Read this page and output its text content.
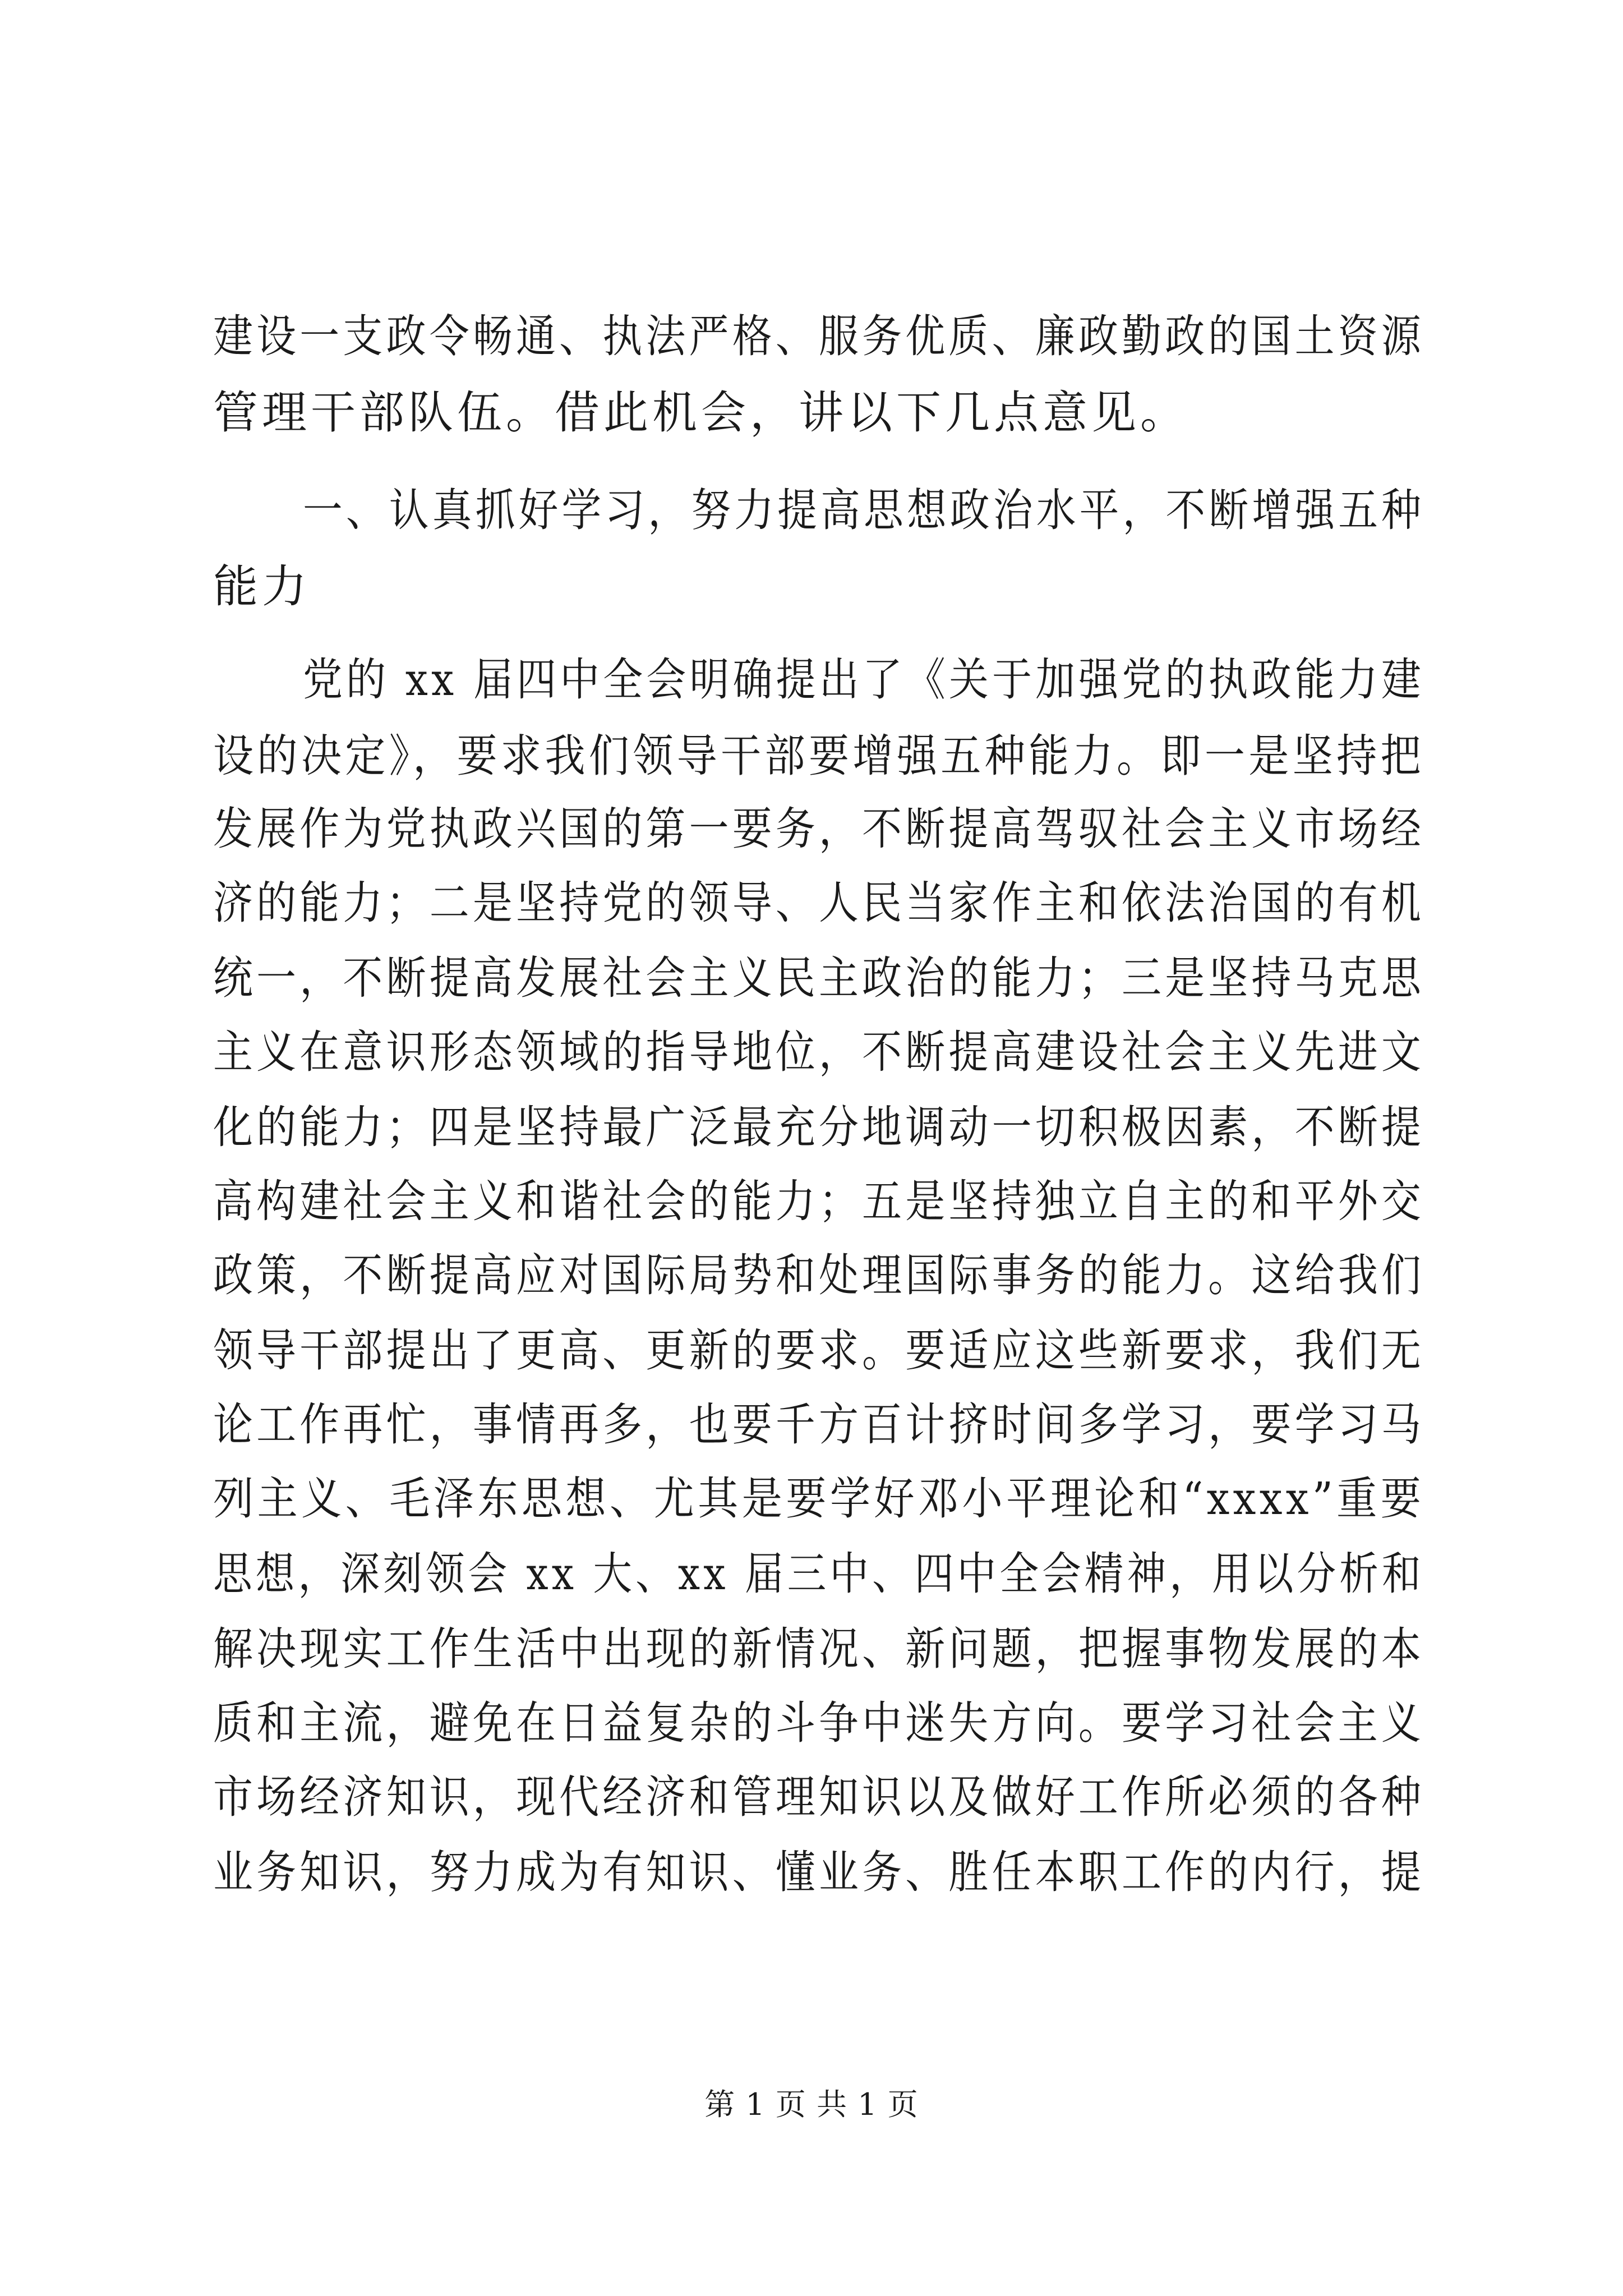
建设一支政令畅通、执法严格、服务优质、廉政勤政的国土资源
管理干部队伍。借此机会，讲以下几点意见。
一、认真抓好学习，努力提高思想政治水平，不断增强五种
能力
党的 xx 届四中全会明确提出了《关于加强党的执政能力建
设的决定》，要求我们领导干部要增强五种能力。即一是坚持把
发展作为党执政兴国的第一要务，不断提高驾驭社会主义市场经
济的能力；二是坚持党的领导、人民当家作主和依法治国的有机
统一，不断提高发展社会主义民主政治的能力；三是坚持马克思
主义在意识形态领域的指导地位，不断提高建设社会主义先进文
化的能力；四是坚持最广泛最充分地调动一切积极因素，不断提
高构建社会主义和谐社会的能力；五是坚持独立自主的和平外交
政策，不断提高应对国际局势和处理国际事务的能力。这给我们
领导干部提出了更高、更新的要求。要适应这些新要求，我们无
论工作再忙，事情再多，也要千方百计挤时间多学习，要学习马
列主义、毛泽东思想、尤其是要学好邓小平理论和“xxxx”重要
思想，深刻领会 xx 大、xx 届三中、四中全会精神，用以分析和
解决现实工作生活中出现的新情况、新问题，把握事物发展的本
质和主流，避免在日益复杂的斗争中迷失方向。要学习社会主义
市场经济知识，现代经济和管理知识以及做好工作所必须的各种
业务知识，努力成为有知识、懂业务、胜任本职工作的内行，提
第 1 页 共 1 页
